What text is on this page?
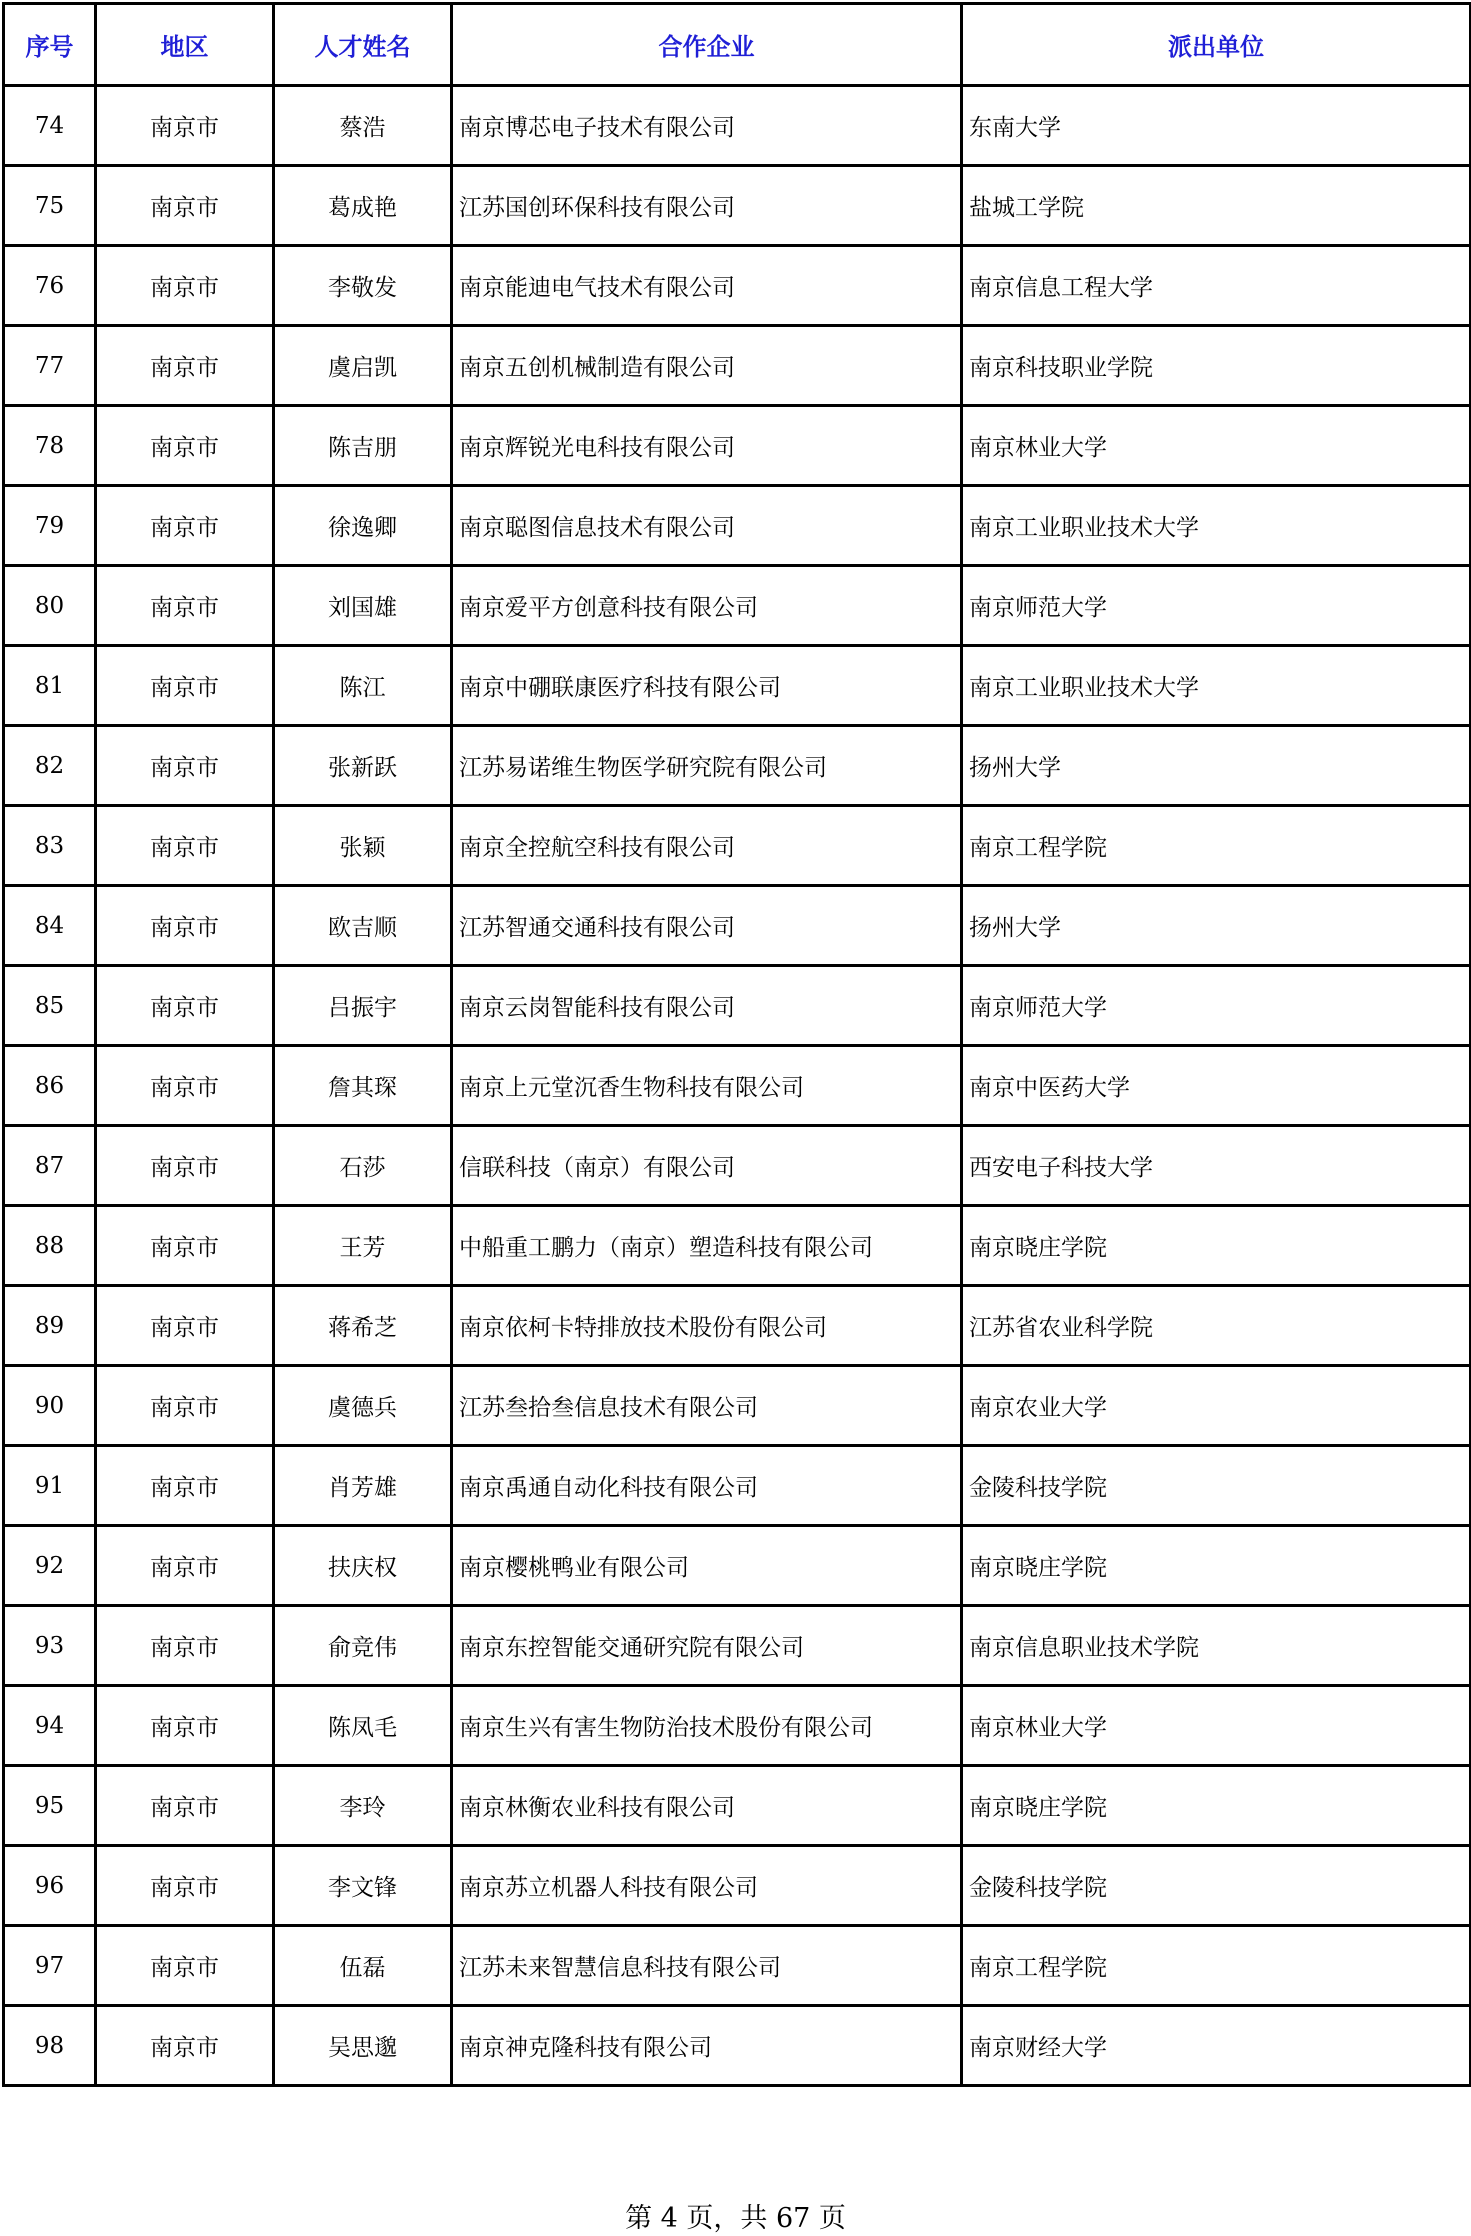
序号	地区	人才姓名	合作企业	派出单位
74	南京市	蔡浩	南京博芯电子技术有限公司	东南大学
75	南京市	葛成艳	江苏国创环保科技有限公司	盐城工学院
76	南京市	李敬发	南京能迪电气技术有限公司	南京信息工程大学
77	南京市	虞启凯	南京五创机械制造有限公司	南京科技职业学院
78	南京市	陈吉朋	南京辉锐光电科技有限公司	南京林业大学
79	南京市	徐逸卿	南京聪图信息技术有限公司	南京工业职业技术大学
80	南京市	刘国雄	南京爱平方创意科技有限公司	南京师范大学
81	南京市	陈江	南京中硼联康医疗科技有限公司	南京工业职业技术大学
82	南京市	张新跃	江苏易诺维生物医学研究院有限公司	扬州大学
83	南京市	张颖	南京全控航空科技有限公司	南京工程学院
84	南京市	欧吉顺	江苏智通交通科技有限公司	扬州大学
85	南京市	吕振宇	南京云岗智能科技有限公司	南京师范大学
86	南京市	詹其琛	南京上元堂沉香生物科技有限公司	南京中医药大学
87	南京市	石莎	信联科技（南京）有限公司	西安电子科技大学
88	南京市	王芳	中船重工鹏力（南京）塑造科技有限公司	南京晓庄学院
89	南京市	蒋希芝	南京依柯卡特排放技术股份有限公司	江苏省农业科学院
90	南京市	虞德兵	江苏叁拾叁信息技术有限公司	南京农业大学
91	南京市	肖芳雄	南京禹通自动化科技有限公司	金陵科技学院
92	南京市	扶庆权	南京樱桃鸭业有限公司	南京晓庄学院
93	南京市	俞竞伟	南京东控智能交通研究院有限公司	南京信息职业技术学院
94	南京市	陈凤毛	南京生兴有害生物防治技术股份有限公司	南京林业大学
95	南京市	李玲	南京林衡农业科技有限公司	南京晓庄学院
96	南京市	李文锋	南京苏立机器人科技有限公司	金陵科技学院
97	南京市	伍磊	江苏未来智慧信息科技有限公司	南京工程学院
98	南京市	吴思邈	南京神克隆科技有限公司	南京财经大学
第 4 页，共 67 页
